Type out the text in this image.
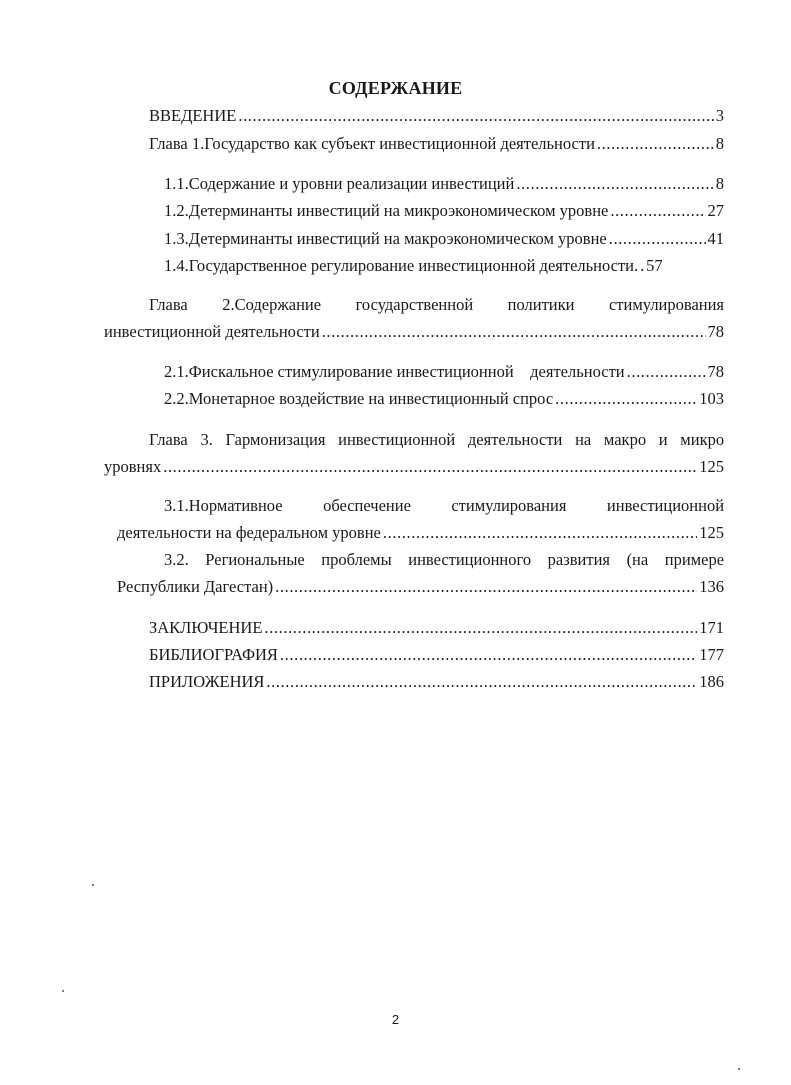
СОДЕРЖАНИЕ
ВВЕДЕНИЕ .....	3
Глава 1.Государство как субъект инвестиционной деятельности .....	8
1.1.Содержание и уровни реализации инвестиций .....	8
1.2.Детерминанты инвестиций на микроэкономическом уровне .....	27
1.3.Детерминанты инвестиций на макроэкономическом уровне .....	41
1.4.Государственное регулирование инвестиционной деятельности. ..... 57
Глава 2.Содержание государственной политики стимулирования
инвестиционной деятельности .....	78
2.1.Фискальное стимулирование инвестиционной    деятельности .....	78
2.2.Монетарное воздействие на инвестиционный спрос .....	103
Глава 3. Гармонизация инвестиционной деятельности на макро и микро
уровнях .....	125
3.1.Нормативное обеспечение стимулирования инвестиционной
деятельности на федеральном уровне .....	125
3.2. Региональные проблемы инвестиционного развития (на примере
Республики Дагестан) .....	136
ЗАКЛЮЧЕНИЕ .....	171
БИБЛИОГРАФИЯ .....	177
ПРИЛОЖЕНИЯ .....	186
2
